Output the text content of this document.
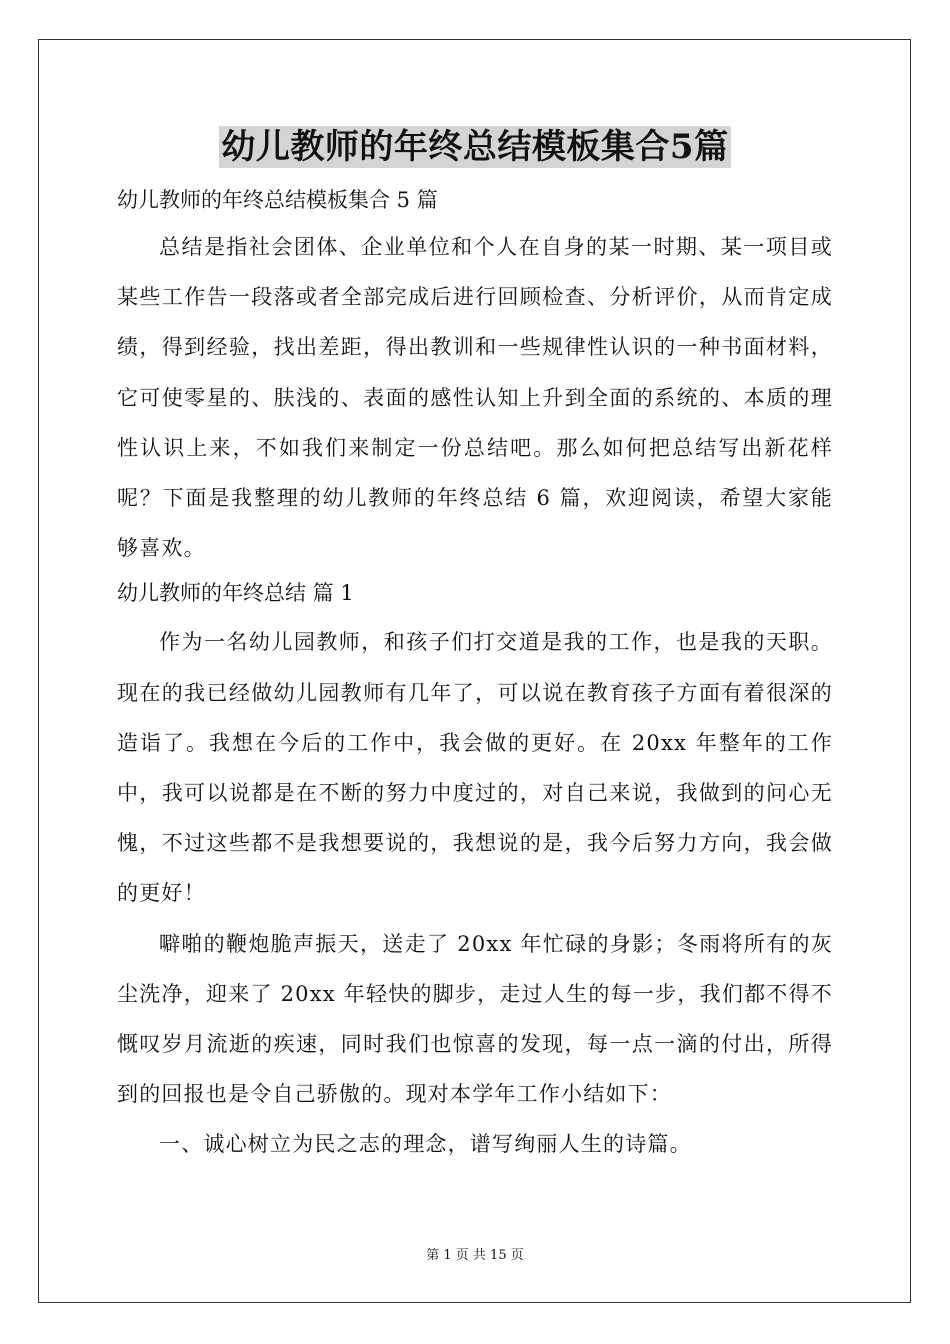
幼儿教师的年终总结模板集合5篇

幼儿教师的年终总结模板集合 5 篇

总结是指社会团体、企业单位和个人在自身的某一时期、某一项目或某些工作告一段落或者全部完成后进行回顾检查、分析评价，从而肯定成绩，得到经验，找出差距，得出教训和一些规律性认识的一种书面材料，它可使零星的、肤浅的、表面的感性认知上升到全面的系统的、本质的理性认识上来，不如我们来制定一份总结吧。那么如何把总结写出新花样呢？下面是我整理的幼儿教师的年终总结 6 篇，欢迎阅读，希望大家能够喜欢。

幼儿教师的年终总结 篇 1

作为一名幼儿园教师，和孩子们打交道是我的工作，也是我的天职。现在的我已经做幼儿园教师有几年了，可以说在教育孩子方面有着很深的造诣了。我想在今后的工作中，我会做的更好。在 20xx 年整年的工作中，我可以说都是在不断的努力中度过的，对自己来说，我做到的问心无愧，不过这些都不是我想要说的，我想说的是，我今后努力方向，我会做的更好！

噼啪的鞭炮脆声振天，送走了 20xx 年忙碌的身影；冬雨将所有的灰尘洗净，迎来了 20xx 年轻快的脚步，走过人生的每一步，我们都不得不慨叹岁月流逝的疾速，同时我们也惊喜的发现，每一点一滴的付出，所得到的回报也是令自己骄傲的。现对本学年工作小结如下：

一、诚心树立为民之志的理念，谱写绚丽人生的诗篇。

第 1 页 共 15 页
